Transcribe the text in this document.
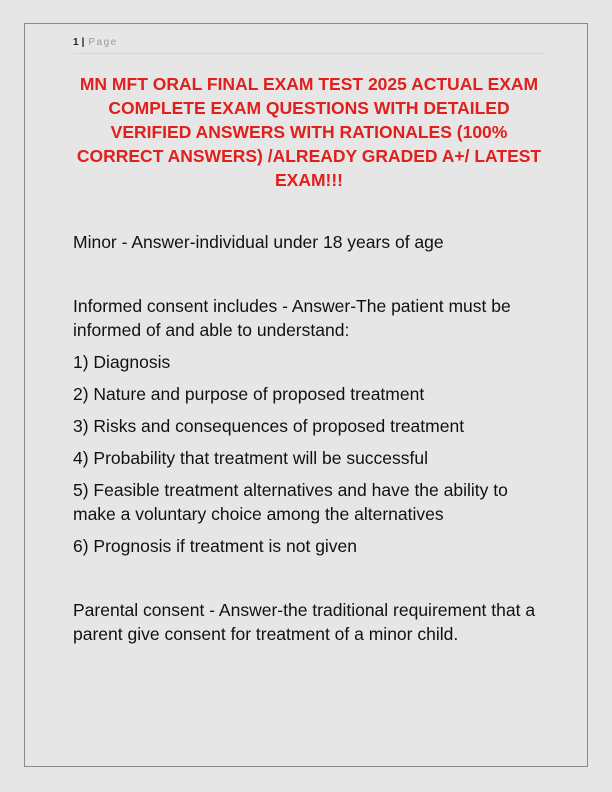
1 | Page
MN MFT ORAL FINAL EXAM TEST 2025 ACTUAL EXAM COMPLETE EXAM QUESTIONS WITH DETAILED VERIFIED ANSWERS WITH RATIONALES (100% CORRECT ANSWERS) /ALREADY GRADED A+/ LATEST EXAM!!!

Minor - Answer-individual under 18 years of age

Informed consent includes - Answer-The patient must be informed of and able to understand:

1) Diagnosis

2) Nature and purpose of proposed treatment

3) Risks and consequences of proposed treatment

4) Probability that treatment will be successful

5) Feasible treatment alternatives and have the ability to make a voluntary choice among the alternatives

6) Prognosis if treatment is not given

Parental consent - Answer-the traditional requirement that a parent give consent for treatment of a minor child.
